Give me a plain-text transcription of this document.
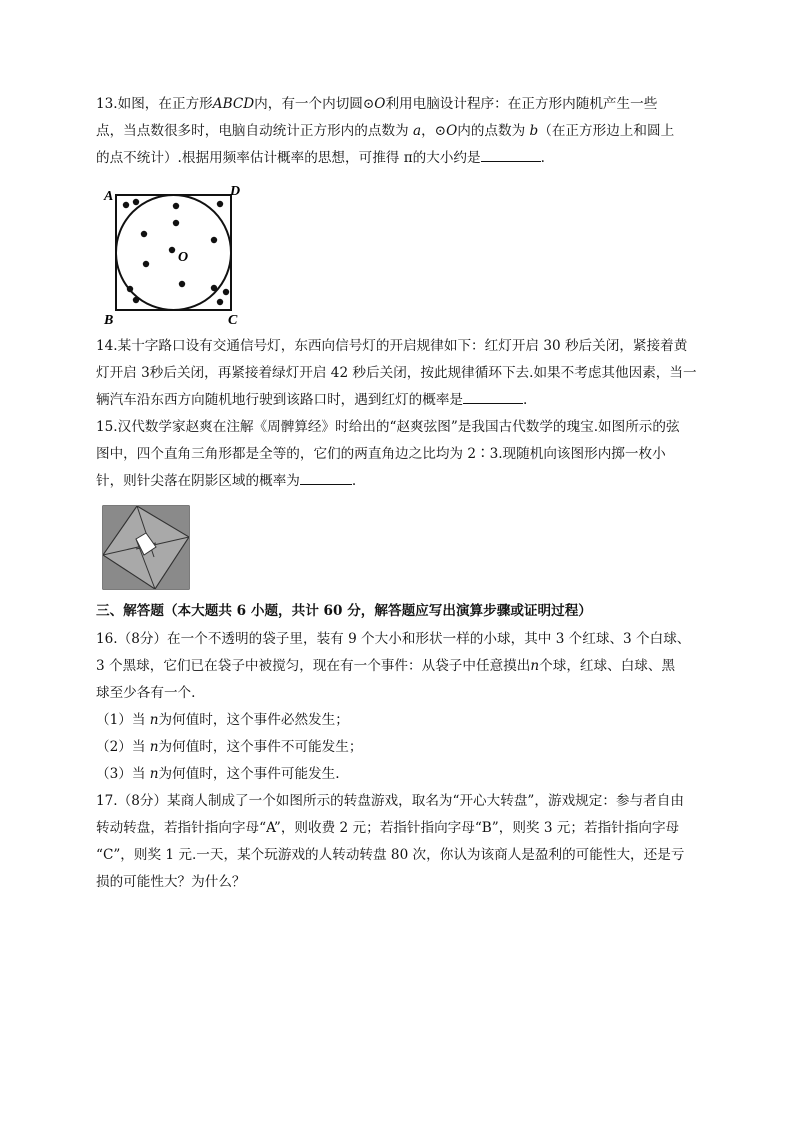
13.如图，在正方形ABCD内，有一个内切圆⊙O利用电脑设计程序：在正方形内随机产生一些
点，当点数很多时，电脑自动统计正方形内的点数为 a，⊙O内的点数为 b（在正方形边上和圆上
的点不统计）.根据用频率估计概率的思想，可推得 π的大小约是	.
A	D
B	C
O
14.某十字路口设有交通信号灯，东西向信号灯的开启规律如下：红灯开启 30 秒后关闭，紧接着黄
灯开启 3秒后关闭，再紧接着绿灯开启 42 秒后关闭，按此规律循环下去.如果不考虑其他因素，当一
辆汽车沿东西方向随机地行驶到该路口时，遇到红灯的概率是	.
15.汉代数学家赵爽在注解《周髀算经》时给出的“赵爽弦图”是我国古代数学的瑰宝.如图所示的弦
图中，四个直角三角形都是全等的，它们的两直角边之比均为 2∶3.现随机向该图形内掷一枚小
针，则针尖落在阴影区域的概率为	.
三、解答题（本大题共 6 小题，共计 60 分，解答题应写出演算步骤或证明过程）
16.（8分）在一个不透明的袋子里，装有 9 个大小和形状一样的小球，其中 3 个红球、3 个白球、
3 个黑球，它们已在袋子中被搅匀，现在有一个事件：从袋子中任意摸出n个球，红球、白球、黑
球至少各有一个.
（1）当 n为何值时，这个事件必然发生；
（2）当 n为何值时，这个事件不可能发生；
（3）当 n为何值时，这个事件可能发生.
17.（8分）某商人制成了一个如图所示的转盘游戏，取名为“开心大转盘”，游戏规定：参与者自由
转动转盘，若指针指向字母“A”，则收费 2 元；若指针指向字母“B”，则奖 3 元；若指针指向字母
“C”，则奖 1 元.一天，某个玩游戏的人转动转盘 80 次，你认为该商人是盈利的可能性大，还是亏
损的可能性大？为什么？
